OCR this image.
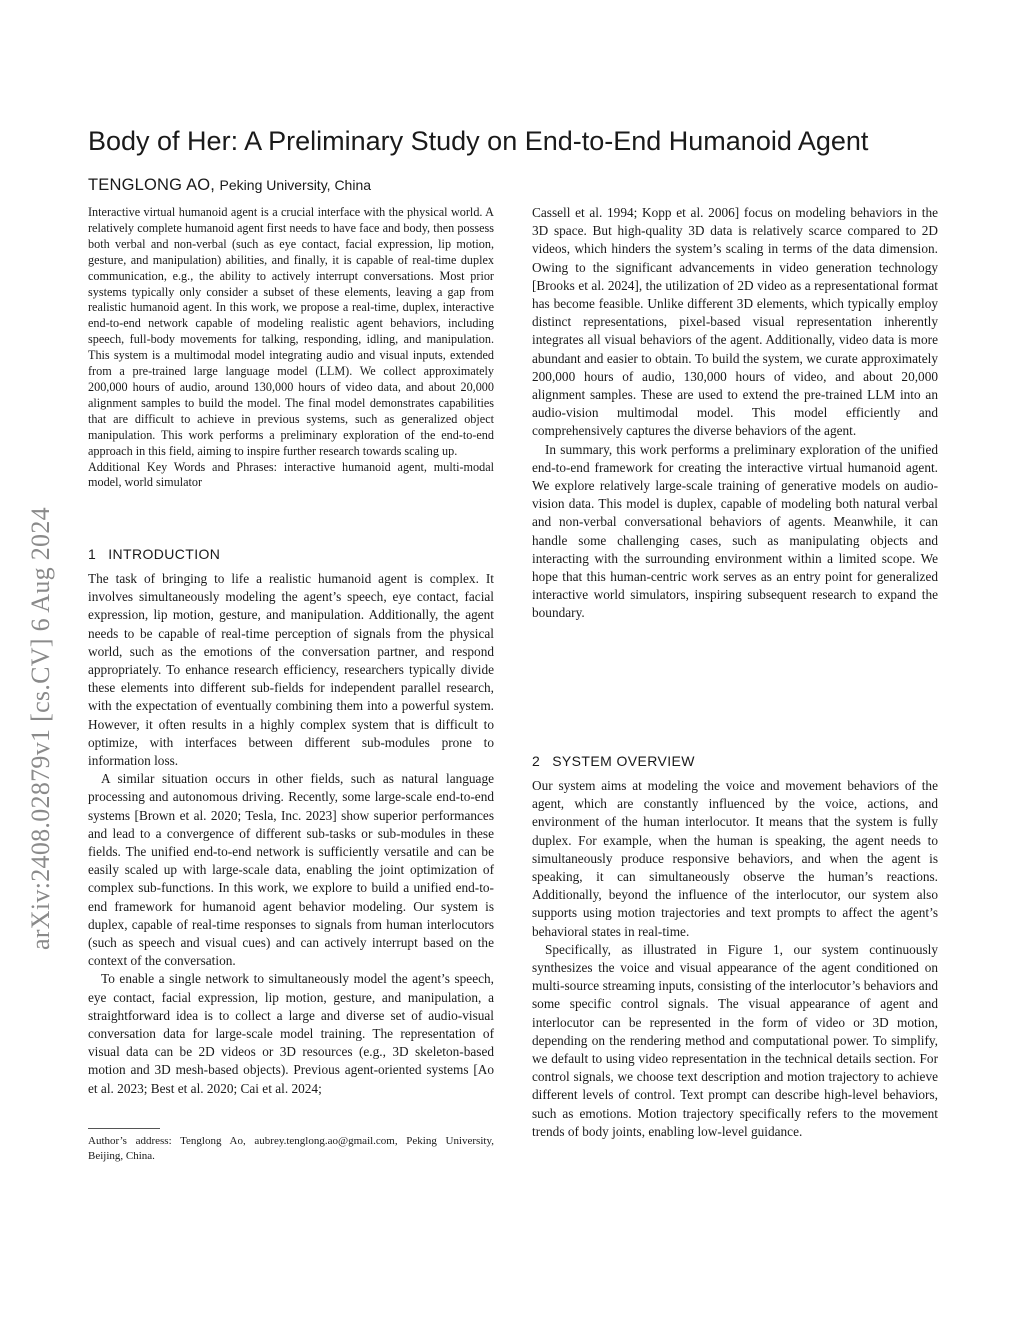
arXiv:2408.02879v1 [cs.CV] 6 Aug 2024
Body of Her: A Preliminary Study on End-to-End Humanoid Agent
TENGLONG AO, Peking University, China

Interactive virtual humanoid agent is a crucial interface with the physical world. A relatively complete humanoid agent first needs to have face and body, then possess both verbal and non-verbal (such as eye contact, facial expression, lip motion, gesture, and manipulation) abilities, and finally, it is capable of real-time duplex communication, e.g., the ability to actively interrupt conversations. Most prior systems typically only consider a subset of these elements, leaving a gap from realistic humanoid agent. In this work, we propose a real-time, duplex, interactive end-to-end network capable of modeling realistic agent behaviors, including speech, full-body movements for talking, responding, idling, and manipulation. This system is a multimodal model integrating audio and visual inputs, extended from a pre-trained large language model (LLM). We collect approximately 200,000 hours of audio, around 130,000 hours of video data, and about 20,000 alignment samples to build the model. The final model demonstrates capabilities that are difficult to achieve in previous systems, such as generalized object manipulation. This work performs a preliminary exploration of the end-to-end approach in this field, aiming to inspire further research towards scaling up.

Additional Key Words and Phrases: interactive humanoid agent, multi-modal model, world simulator

1 INTRODUCTION

The task of bringing to life a realistic humanoid agent is complex. It involves simultaneously modeling the agent’s speech, eye contact, facial expression, lip motion, gesture, and manipulation. Additionally, the agent needs to be capable of real-time perception of signals from the physical world, such as the emotions of the conversation partner, and respond appropriately. To enhance research efficiency, researchers typically divide these elements into different sub-fields for independent parallel research, with the expectation of eventually combining them into a powerful system. However, it often results in a highly complex system that is difficult to optimize, with interfaces between different sub-modules prone to information loss.

A similar situation occurs in other fields, such as natural language processing and autonomous driving. Recently, some large-scale end-to-end systems [Brown et al. 2020; Tesla, Inc. 2023] show superior performances and lead to a convergence of different sub-tasks or sub-modules in these fields. The unified end-to-end network is sufficiently versatile and can be easily scaled up with large-scale data, enabling the joint optimization of complex sub-functions. In this work, we explore to build a unified end-to-end framework for humanoid agent behavior modeling. Our system is duplex, capable of real-time responses to signals from human interlocutors (such as speech and visual cues) and can actively interrupt based on the context of the conversation.

To enable a single network to simultaneously model the agent’s speech, eye contact, facial expression, lip motion, gesture, and manipulation, a straightforward idea is to collect a large and diverse set of audio-visual conversation data for large-scale model training. The representation of visual data can be 2D videos or 3D resources (e.g., 3D skeleton-based motion and 3D mesh-based objects). Previous agent-oriented systems [Ao et al. 2023; Best et al. 2020; Cai et al. 2024;

Author’s address: Tenglong Ao, aubrey.tenglong.ao@gmail.com, Peking University, Beijing, China.

Cassell et al. 1994; Kopp et al. 2006] focus on modeling behaviors in the 3D space. But high-quality 3D data is relatively scarce compared to 2D videos, which hinders the system’s scaling in terms of the data dimension. Owing to the significant advancements in video generation technology [Brooks et al. 2024], the utilization of 2D video as a representational format has become feasible. Unlike different 3D elements, which typically employ distinct representations, pixel-based visual representation inherently integrates all visual behaviors of the agent. Additionally, video data is more abundant and easier to obtain. To build the system, we curate approximately 200,000 hours of audio, 130,000 hours of video, and about 20,000 alignment samples. These are used to extend the pre-trained LLM into an audio-vision multimodal model. This model efficiently and comprehensively captures the diverse behaviors of the agent.

In summary, this work performs a preliminary exploration of the unified end-to-end framework for creating the interactive virtual humanoid agent. We explore relatively large-scale training of generative models on audio-vision data. This model is duplex, capable of modeling both natural verbal and non-verbal conversational behaviors of agents. Meanwhile, it can handle some challenging cases, such as manipulating objects and interacting with the surrounding environment within a limited scope. We hope that this human-centric work serves as an entry point for generalized interactive world simulators, inspiring subsequent research to expand the boundary.

2 SYSTEM OVERVIEW

Our system aims at modeling the voice and movement behaviors of the agent, which are constantly influenced by the voice, actions, and environment of the human interlocutor. It means that the system is fully duplex. For example, when the human is speaking, the agent needs to simultaneously produce responsive behaviors, and when the agent is speaking, it can simultaneously observe the human’s reactions. Additionally, beyond the influence of the interlocutor, our system also supports using motion trajectories and text prompts to affect the agent’s behavioral states in real-time.

Specifically, as illustrated in Figure 1, our system continuously synthesizes the voice and visual appearance of the agent conditioned on multi-source streaming inputs, consisting of the interlocutor’s behaviors and some specific control signals. The visual appearance of agent and interlocutor can be represented in the form of video or 3D motion, depending on the rendering method and computational power. To simplify, we default to using video representation in the technical details section. For control signals, we choose text description and motion trajectory to achieve different levels of control. Text prompt can describe high-level behaviors, such as emotions. Motion trajectory specifically refers to the movement trends of body joints, enabling low-level guidance.
